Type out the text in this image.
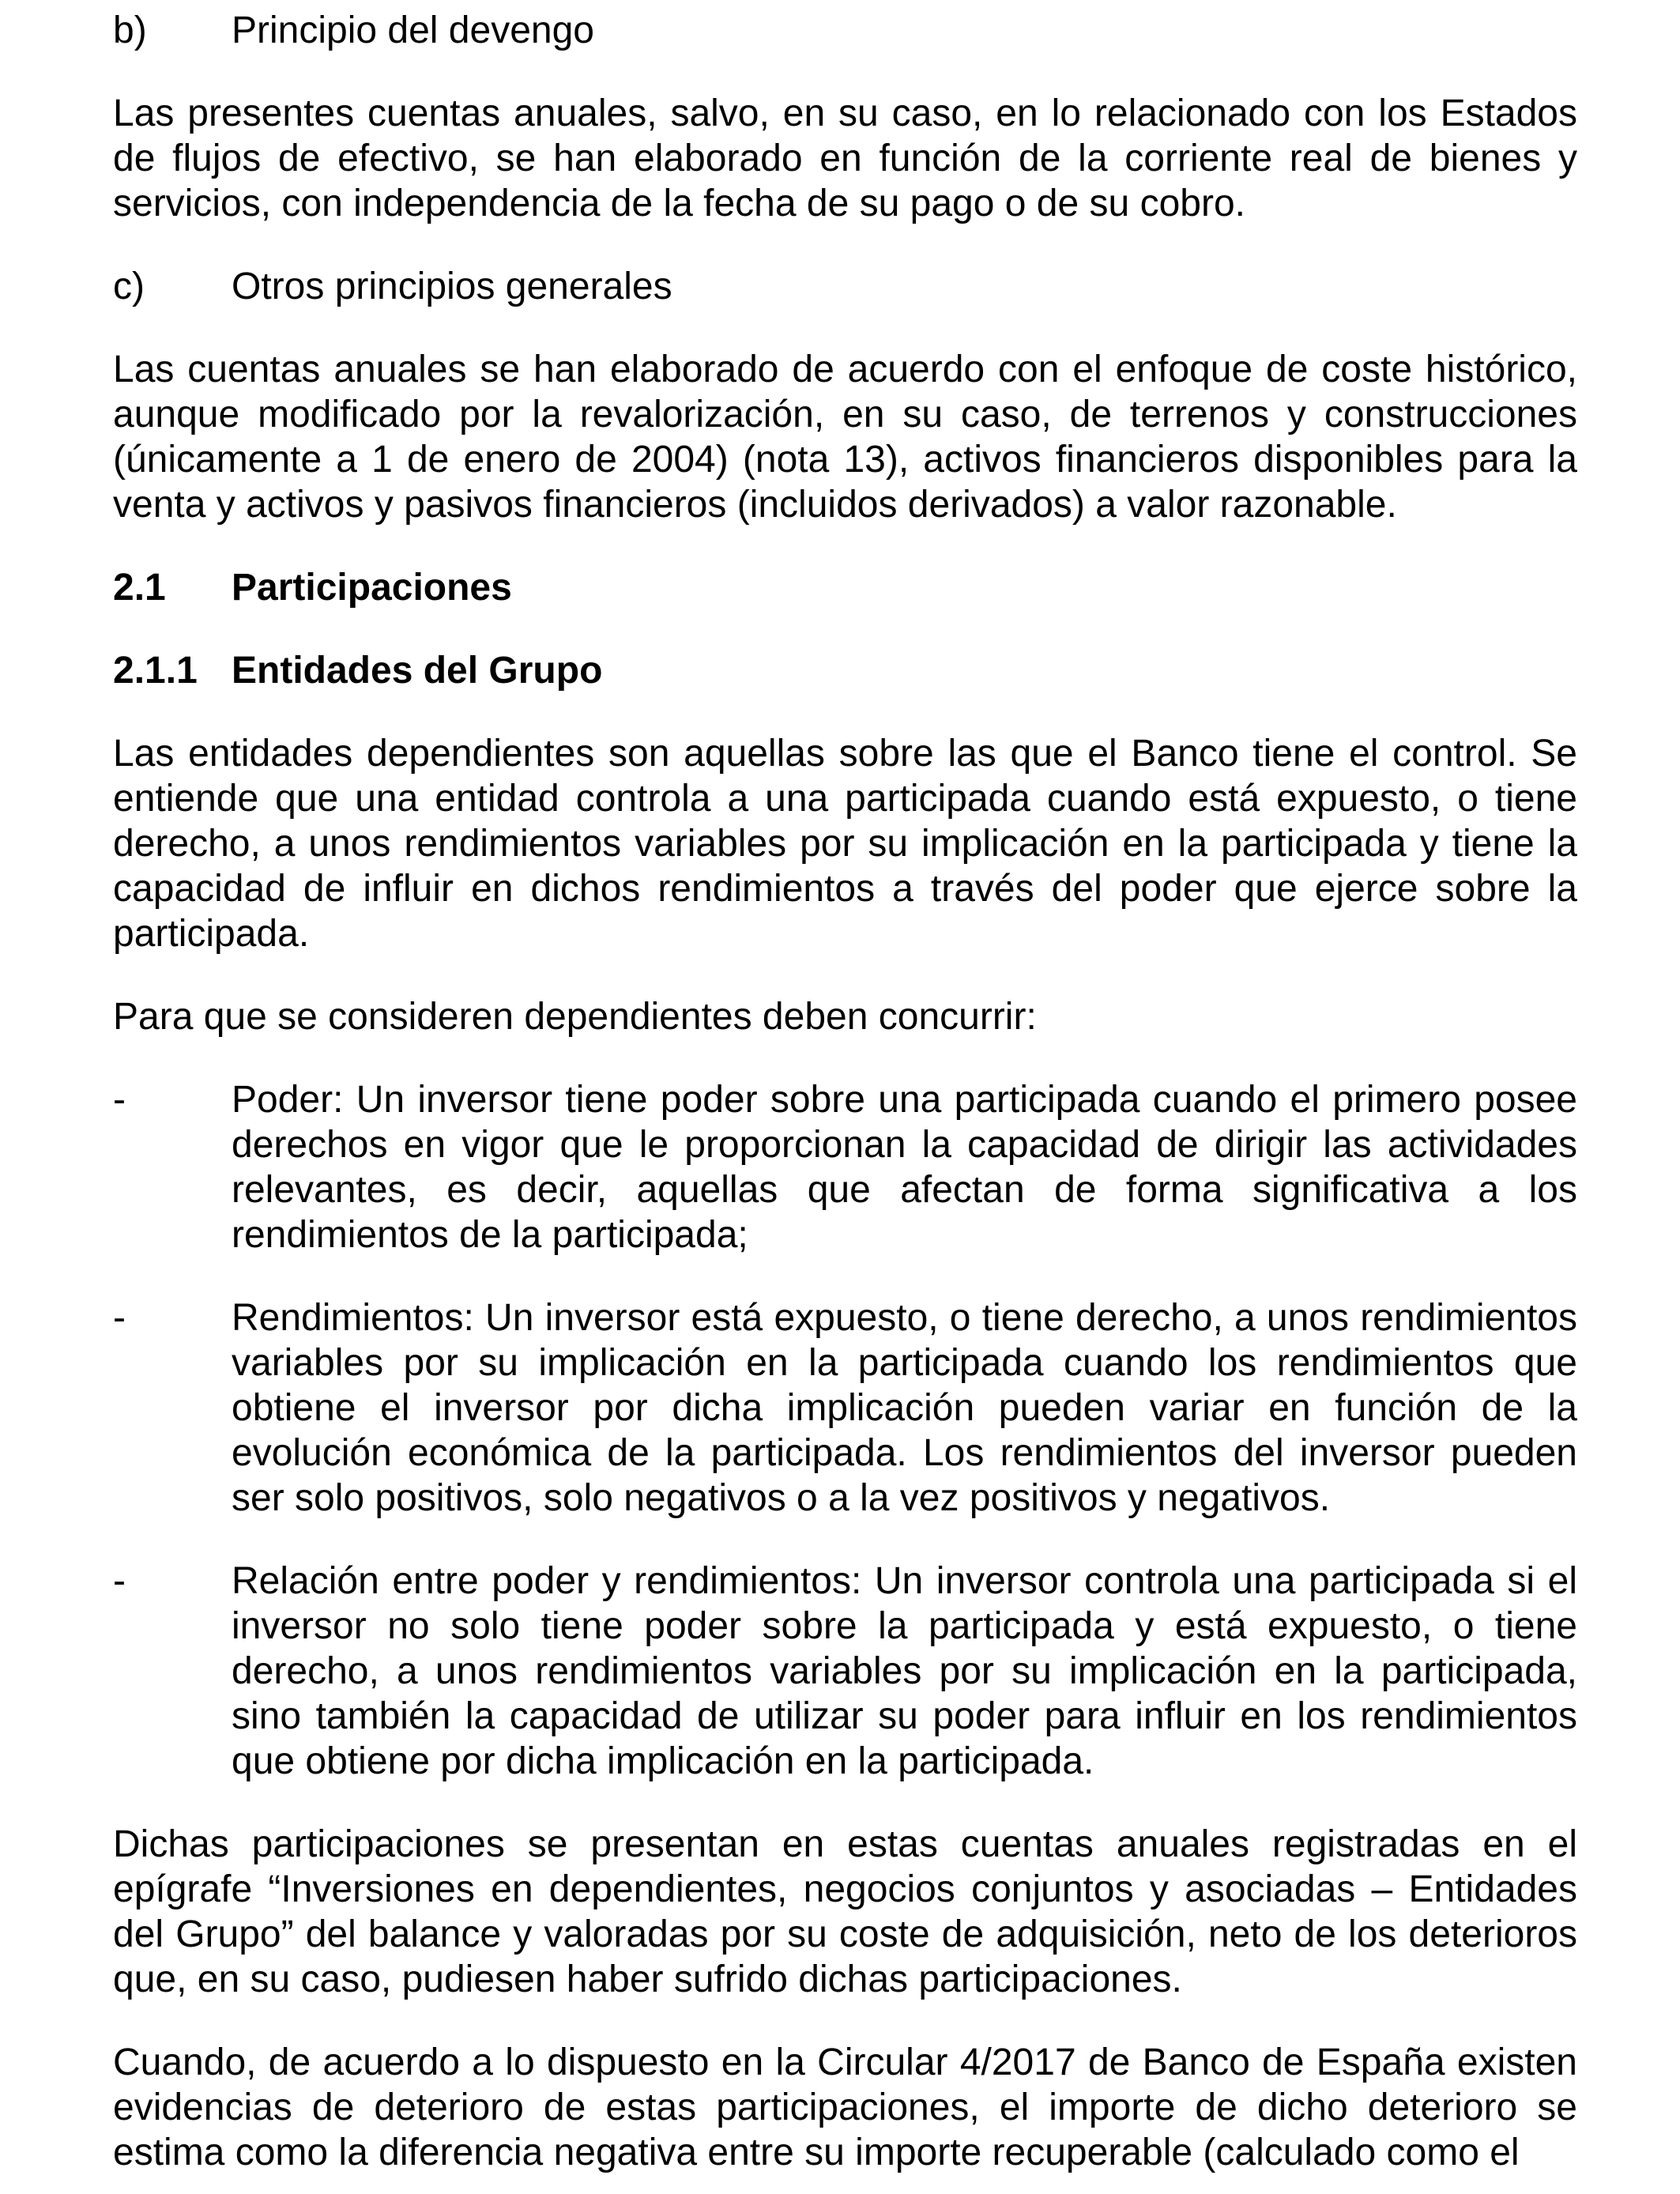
b) Principio del devengo
Las presentes cuentas anuales, salvo, en su caso, en lo relacionado con los Estados de flujos de efectivo, se han elaborado en función de la corriente real de bienes y servicios, con independencia de la fecha de su pago o de su cobro.
c) Otros principios generales
Las cuentas anuales se han elaborado de acuerdo con el enfoque de coste histórico, aunque modificado por la revalorización, en su caso, de terrenos y construcciones (únicamente a 1 de enero de 2004) (nota 13), activos financieros disponibles para la venta y activos y pasivos financieros (incluidos derivados) a valor razonable.
2.1 Participaciones
2.1.1 Entidades del Grupo
Las entidades dependientes son aquellas sobre las que el Banco tiene el control. Se entiende que una entidad controla a una participada cuando está expuesto, o tiene derecho, a unos rendimientos variables por su implicación en la participada y tiene la capacidad de influir en dichos rendimientos a través del poder que ejerce sobre la participada.
Para que se consideren dependientes deben concurrir:
-	Poder: Un inversor tiene poder sobre una participada cuando el primero posee derechos en vigor que le proporcionan la capacidad de dirigir las actividades relevantes, es decir, aquellas que afectan de forma significativa a los rendimientos de la participada;
-	Rendimientos: Un inversor está expuesto, o tiene derecho, a unos rendimientos variables por su implicación en la participada cuando los rendimientos que obtiene el inversor por dicha implicación pueden variar en función de la evolución económica de la participada. Los rendimientos del inversor pueden ser solo positivos, solo negativos o a la vez positivos y negativos.
-	Relación entre poder y rendimientos: Un inversor controla una participada si el inversor no solo tiene poder sobre la participada y está expuesto, o tiene derecho, a unos rendimientos variables por su implicación en la participada, sino también la capacidad de utilizar su poder para influir en los rendimientos que obtiene por dicha implicación en la participada.
Dichas participaciones se presentan en estas cuentas anuales registradas en el epígrafe “Inversiones en dependientes, negocios conjuntos y asociadas – Entidades del Grupo” del balance y valoradas por su coste de adquisición, neto de los deterioros que, en su caso, pudiesen haber sufrido dichas participaciones.
Cuando, de acuerdo a lo dispuesto en la Circular 4/2017 de Banco de España existen evidencias de deterioro de estas participaciones, el importe de dicho deterioro se estima como la diferencia negativa entre su importe recuperable (calculado como el
